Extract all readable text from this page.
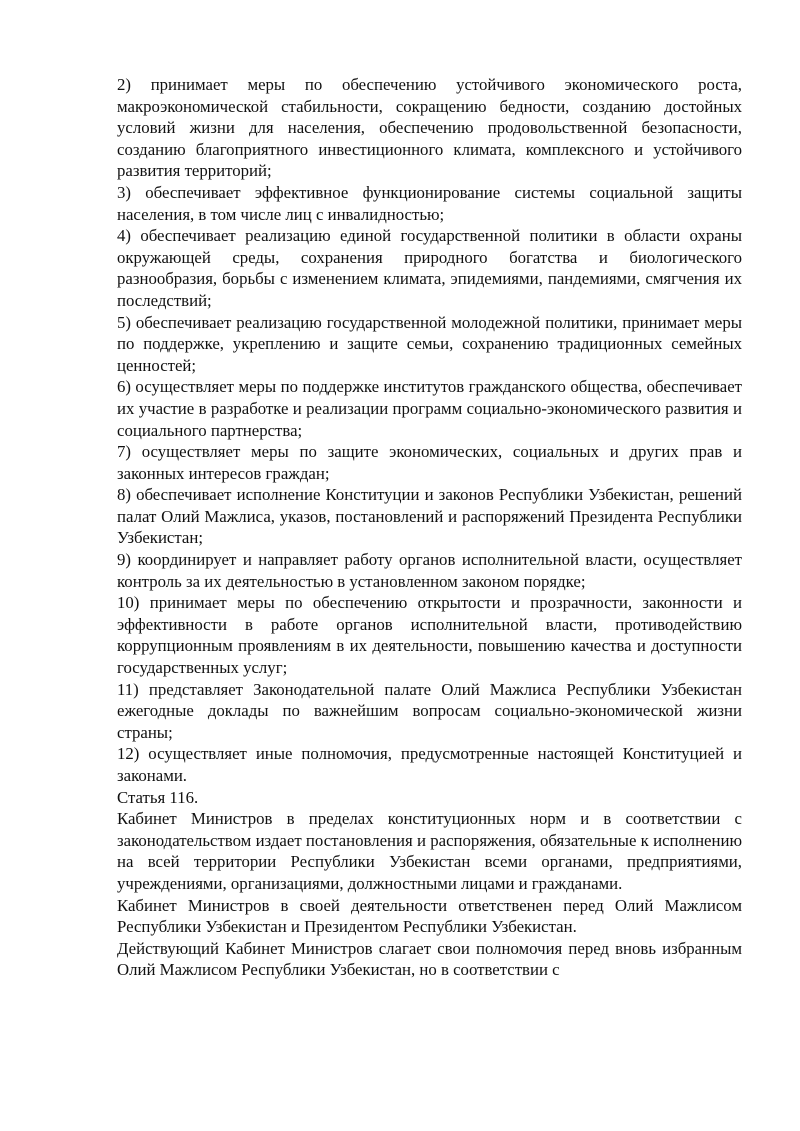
2) принимает меры по обеспечению устойчивого экономического роста, макроэкономической стабильности, сокращению бедности, созданию достойных условий жизни для населения, обеспечению продовольственной безопасности, созданию благоприятного инвестиционного климата, комплексного и устойчивого развития территорий;

3) обеспечивает эффективное функционирование системы социальной защиты населения, в том числе лиц с инвалидностью;

4) обеспечивает реализацию единой государственной политики в области охраны окружающей среды, сохранения природного богатства и биологического разнообразия, борьбы с изменением климата, эпидемиями, пандемиями, смягчения их последствий;

5) обеспечивает реализацию государственной молодежной политики, принимает меры по поддержке, укреплению и защите семьи, сохранению традиционных семейных ценностей;

6) осуществляет меры по поддержке институтов гражданского общества, обеспечивает их участие в разработке и реализации программ социально-экономического развития и социального партнерства;

7) осуществляет меры по защите экономических, социальных и других прав и законных интересов граждан;

8) обеспечивает исполнение Конституции и законов Республики Узбекистан, решений палат Олий Мажлиса, указов, постановлений и распоряжений Президента Республики Узбекистан;

9) координирует и направляет работу органов исполнительной власти, осуществляет контроль за их деятельностью в установленном законом порядке;

10) принимает меры по обеспечению открытости и прозрачности, законности и эффективности в работе органов исполнительной власти, противодействию коррупционным проявлениям в их деятельности, повышению качества и доступности государственных услуг;

11) представляет Законодательной палате Олий Мажлиса Республики Узбекистан ежегодные доклады по важнейшим вопросам социально-экономической жизни страны;

12) осуществляет иные полномочия, предусмотренные настоящей Конституцией и законами.

Статья 116.

Кабинет Министров в пределах конституционных норм и в соответствии с законодательством издает постановления и распоряжения, обязательные к исполнению на всей территории Республики Узбекистан всеми органами, предприятиями, учреждениями, организациями, должностными лицами и гражданами.

Кабинет Министров в своей деятельности ответственен перед Олий Мажлисом Республики Узбекистан и Президентом Республики Узбекистан.

Действующий Кабинет Министров слагает свои полномочия перед вновь избранным Олий Мажлисом Республики Узбекистан, но в соответствии с
